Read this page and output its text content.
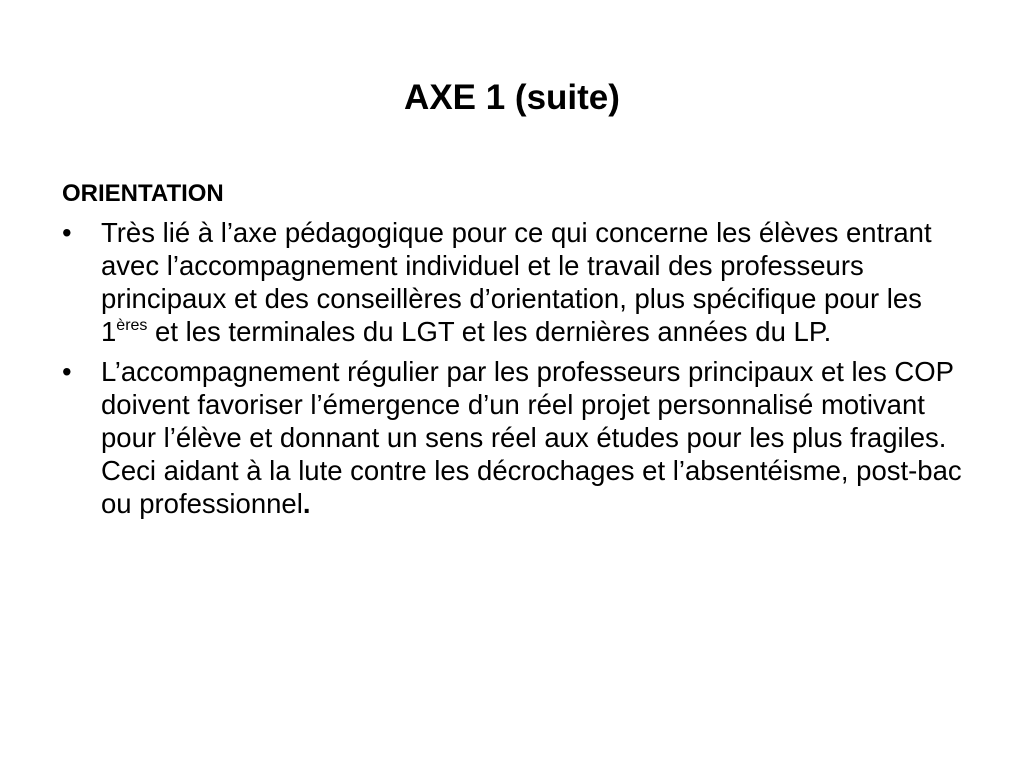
AXE 1 (suite)
ORIENTATION
•	Très lié à l’axe pédagogique pour ce qui concerne les élèves entrant avec l’accompagnement individuel et le travail des professeurs principaux et des conseillères d’orientation, plus spécifique pour les 1ères et les terminales du LGT et les dernières années du LP.
•	L’accompagnement régulier par les professeurs principaux et les COP doivent favoriser l’émergence d’un réel projet personnalisé motivant pour l’élève et donnant un sens réel aux études pour les plus fragiles. Ceci aidant à la lute contre les décrochages et l’absentéisme, post-bac ou professionnel.
